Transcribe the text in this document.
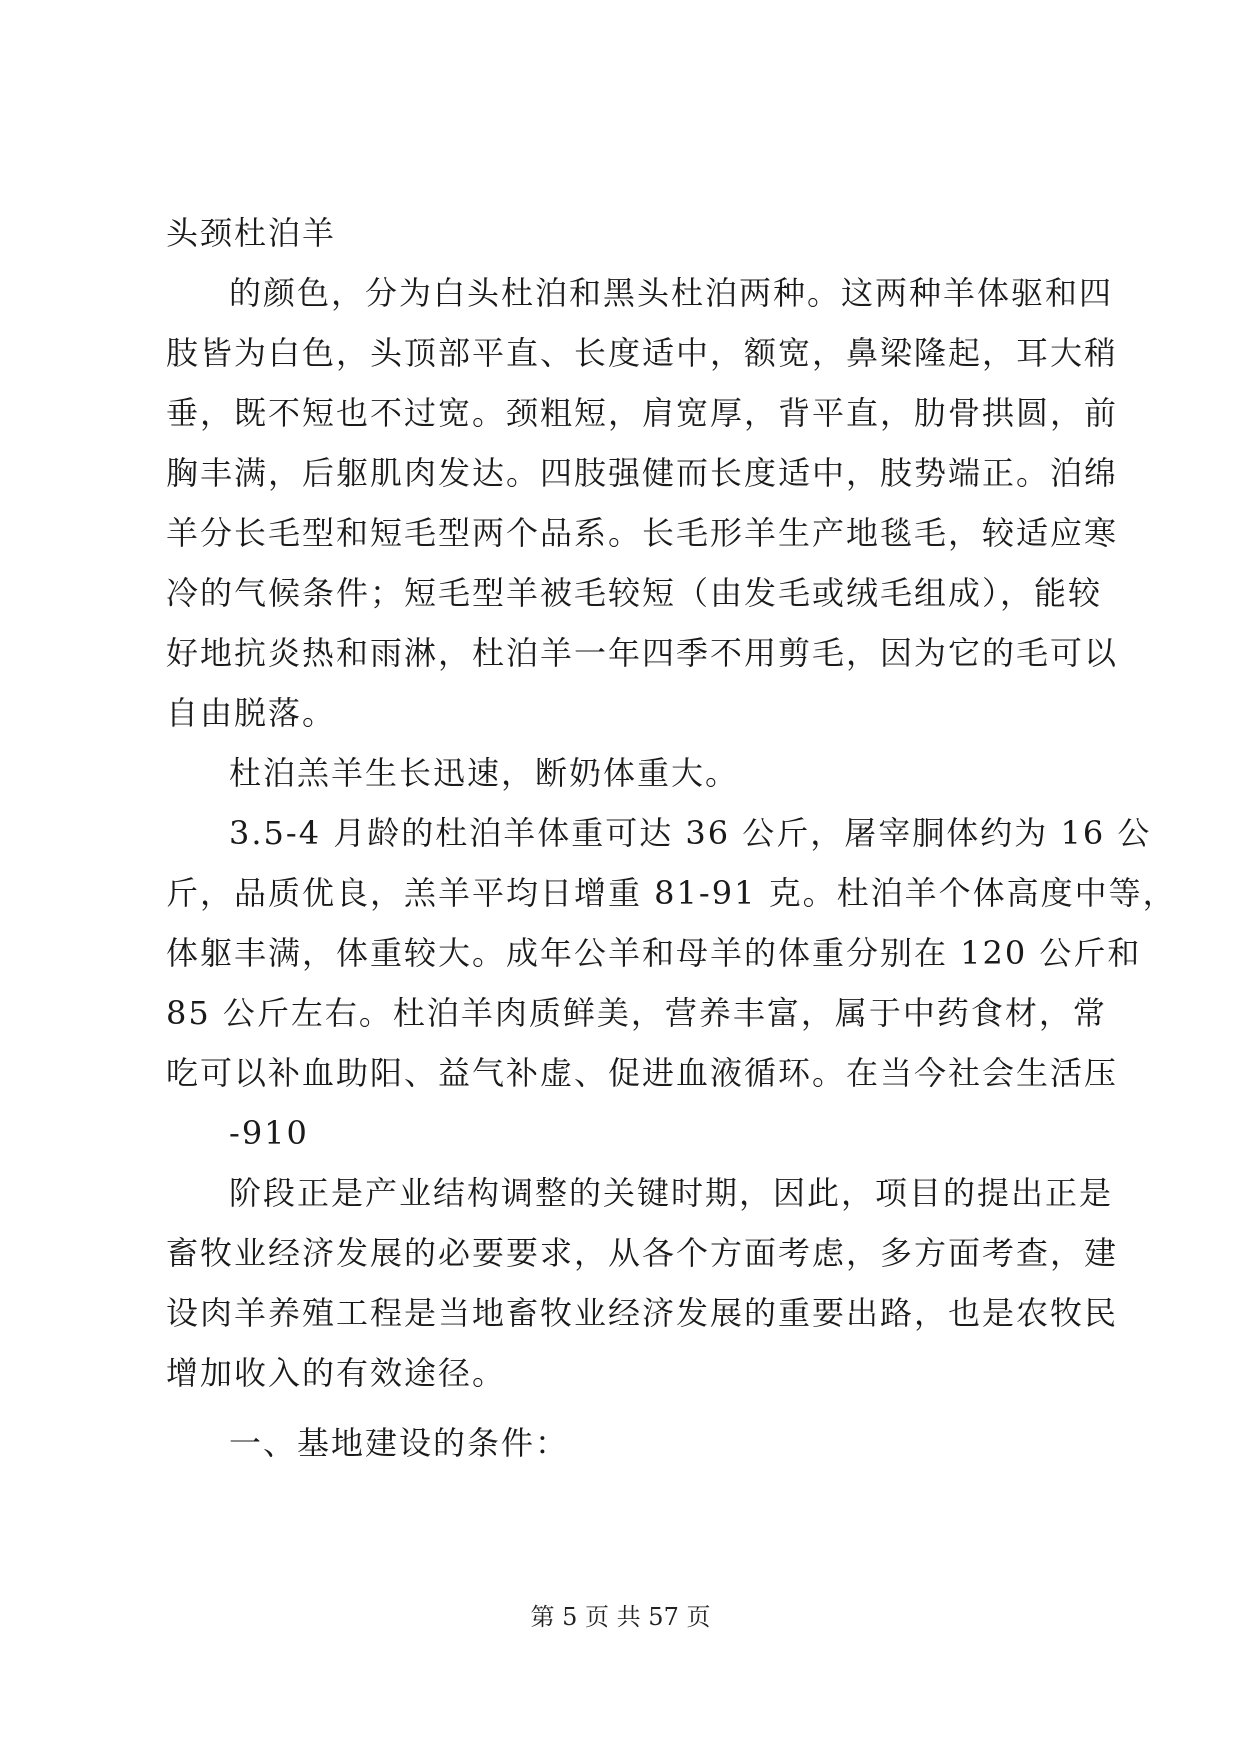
头颈杜泊羊
的颜色，分为白头杜泊和黑头杜泊两种。这两种羊体驱和四
肢皆为白色，头顶部平直、长度适中，额宽，鼻梁隆起，耳大稍
垂，既不短也不过宽。颈粗短，肩宽厚，背平直，肋骨拱圆，前
胸丰满，后躯肌肉发达。四肢强健而长度适中，肢势端正。泊绵
羊分长毛型和短毛型两个品系。长毛形羊生产地毯毛，较适应寒
冷的气候条件；短毛型羊被毛较短（由发毛或绒毛组成），能较
好地抗炎热和雨淋，杜泊羊一年四季不用剪毛，因为它的毛可以
自由脱落。
杜泊羔羊生长迅速，断奶体重大。
3.5-4 月龄的杜泊羊体重可达 36 公斤，屠宰胴体约为 16 公
斤，品质优良，羔羊平均日增重 81-91 克。杜泊羊个体高度中等，
体躯丰满，体重较大。成年公羊和母羊的体重分别在 120 公斤和
85 公斤左右。杜泊羊肉质鲜美，营养丰富，属于中药食材，常
吃可以补血助阳、益气补虚、促进血液循环。在当今社会生活压
-910
阶段正是产业结构调整的关键时期，因此，项目的提出正是
畜牧业经济发展的必要要求，从各个方面考虑，多方面考查，建
设肉羊养殖工程是当地畜牧业经济发展的重要出路，也是农牧民
增加收入的有效途径。
一、基地建设的条件：
第 5 页 共 57 页
